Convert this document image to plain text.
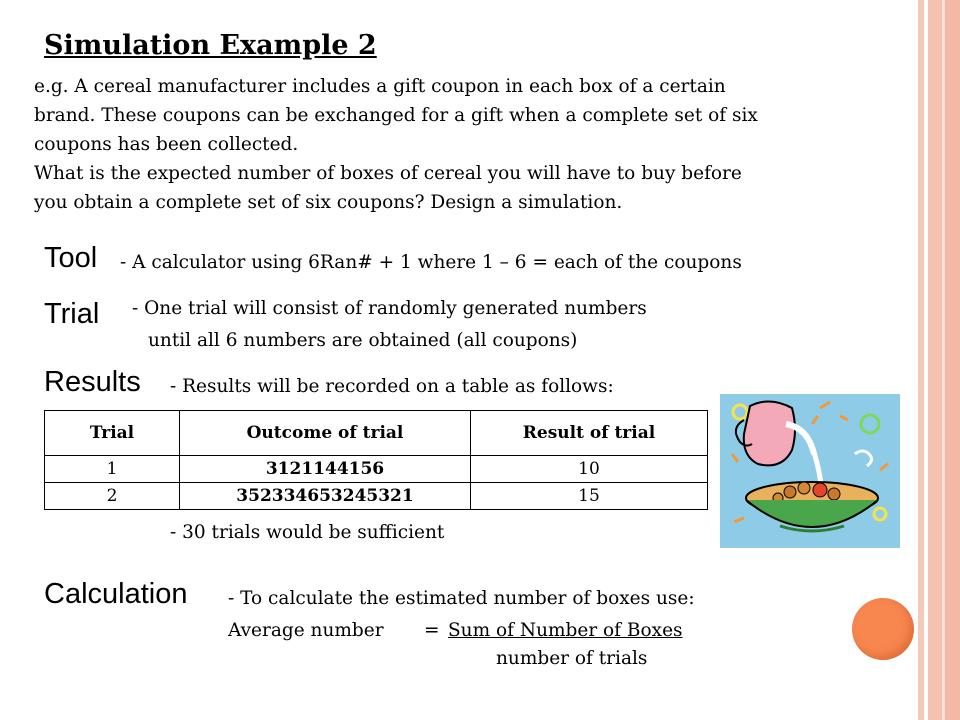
Simulation Example 2
e.g. A cereal manufacturer includes a gift coupon in each box of a certain
brand. These coupons can be exchanged for a gift when a complete set of six
coupons has been collected.
What is the expected number of boxes of cereal you will have to buy before
you obtain a complete set of six coupons? Design a simulation.
Tool - A calculator using 6Ran# + 1 where 1 – 6 = each of the coupons
Trial - One trial will consist of randomly generated numbers
until all 6 numbers are obtained (all coupons)
Results - Results will be recorded on a table as follows:
Trial	Outcome of trial	Result of trial
1	3121144156	10
2	352334653245321	15
- 30 trials would be sufficient
Calculation - To calculate the estimated number of boxes use:
Average number = Sum of Number of Boxes
number of trials
